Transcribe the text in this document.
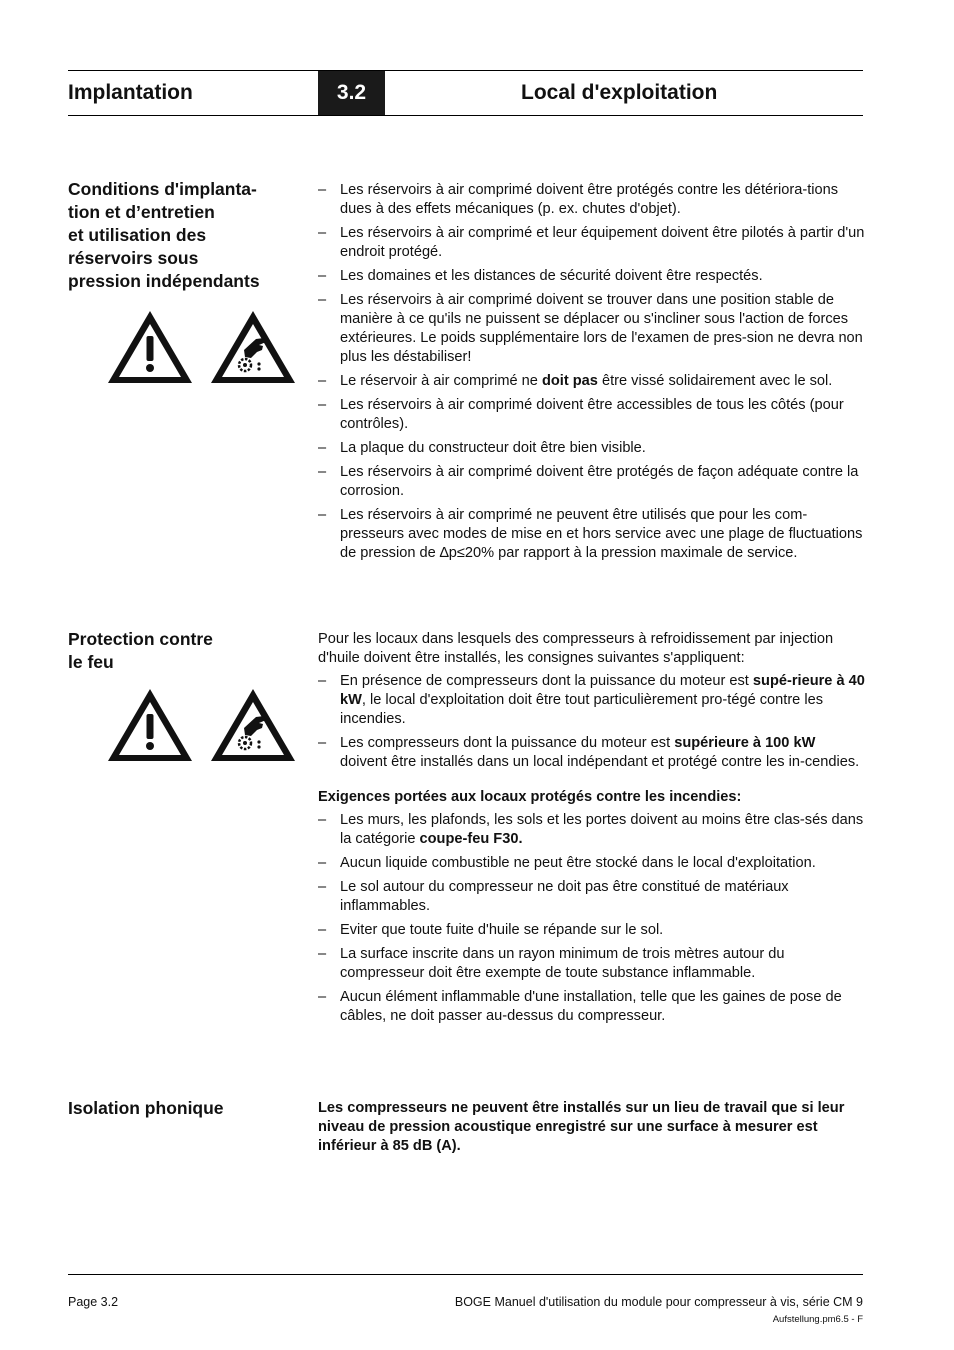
Implantation	3.2	Local d'exploitation
Conditions d'implanta-
tion et d’entretien
et utilisation des
réservoirs sous
pression indépendants
– Les réservoirs à air comprimé doivent être protégés contre les détériora-tions dues à des effets mécaniques (p. ex. chutes d'objet).
– Les réservoirs à air comprimé et leur équipement doivent être pilotés à partir d'un endroit protégé.
– Les domaines et les distances de sécurité doivent être respectés.
– Les réservoirs à air comprimé doivent se trouver dans une position stable de manière à ce qu'ils ne puissent se déplacer ou s'incliner sous l'action de forces extérieures. Le poids supplémentaire lors de l'examen de pres-sion ne devra non plus les déstabiliser!
– Le réservoir à air comprimé ne doit pas être vissé solidairement avec le sol.
– Les réservoirs à air comprimé doivent être accessibles de tous les côtés (pour contrôles).
– La plaque du constructeur doit être bien visible.
– Les réservoirs à air comprimé doivent être protégés de façon adéquate contre la corrosion.
– Les réservoirs à air comprimé ne peuvent être utilisés que pour les com-presseurs avec modes de mise en et hors service avec une plage de fluctuations de pression de ∆p≤20% par rapport à la pression maximale de service.
Protection contre
le feu

Pour les locaux dans lesquels des compresseurs à refroidissement par injection d'huile doivent être installés, les consignes suivantes s'appliquent:

– En présence de compresseurs dont la puissance du moteur est supé-rieure à 40 kW, le local d'exploitation doit être tout particulièrement pro-tégé contre les incendies.
– Les compresseurs dont la puissance du moteur est supérieure à 100 kW doivent être installés dans un local indépendant et protégé contre les in-cendies.

Exigences portées aux locaux protégés contre les incendies:

– Les murs, les plafonds, les sols et les portes doivent au moins être clas-sés dans la catégorie coupe-feu F30.
– Aucun liquide combustible ne peut être stocké dans le local d'exploitation.
– Le sol autour du compresseur ne doit pas être constitué de matériaux inflammables.
– Eviter que toute fuite d'huile se répande sur le sol.
– La surface inscrite dans un rayon minimum de trois mètres autour du compresseur doit être exempte de toute substance inflammable.
– Aucun élément inflammable d'une installation, telle que les gaines de pose de câbles, ne doit passer au-dessus du compresseur.
Isolation phonique	Les compresseurs ne peuvent être installés sur un lieu de travail que si leur niveau de pression acoustique enregistré sur une surface à mesurer est inférieur à 85 dB (A).

Page 3.2	BOGE Manuel d'utilisation du module pour compresseur à vis, série CM 9
Aufstellung.pm6.5 - F
